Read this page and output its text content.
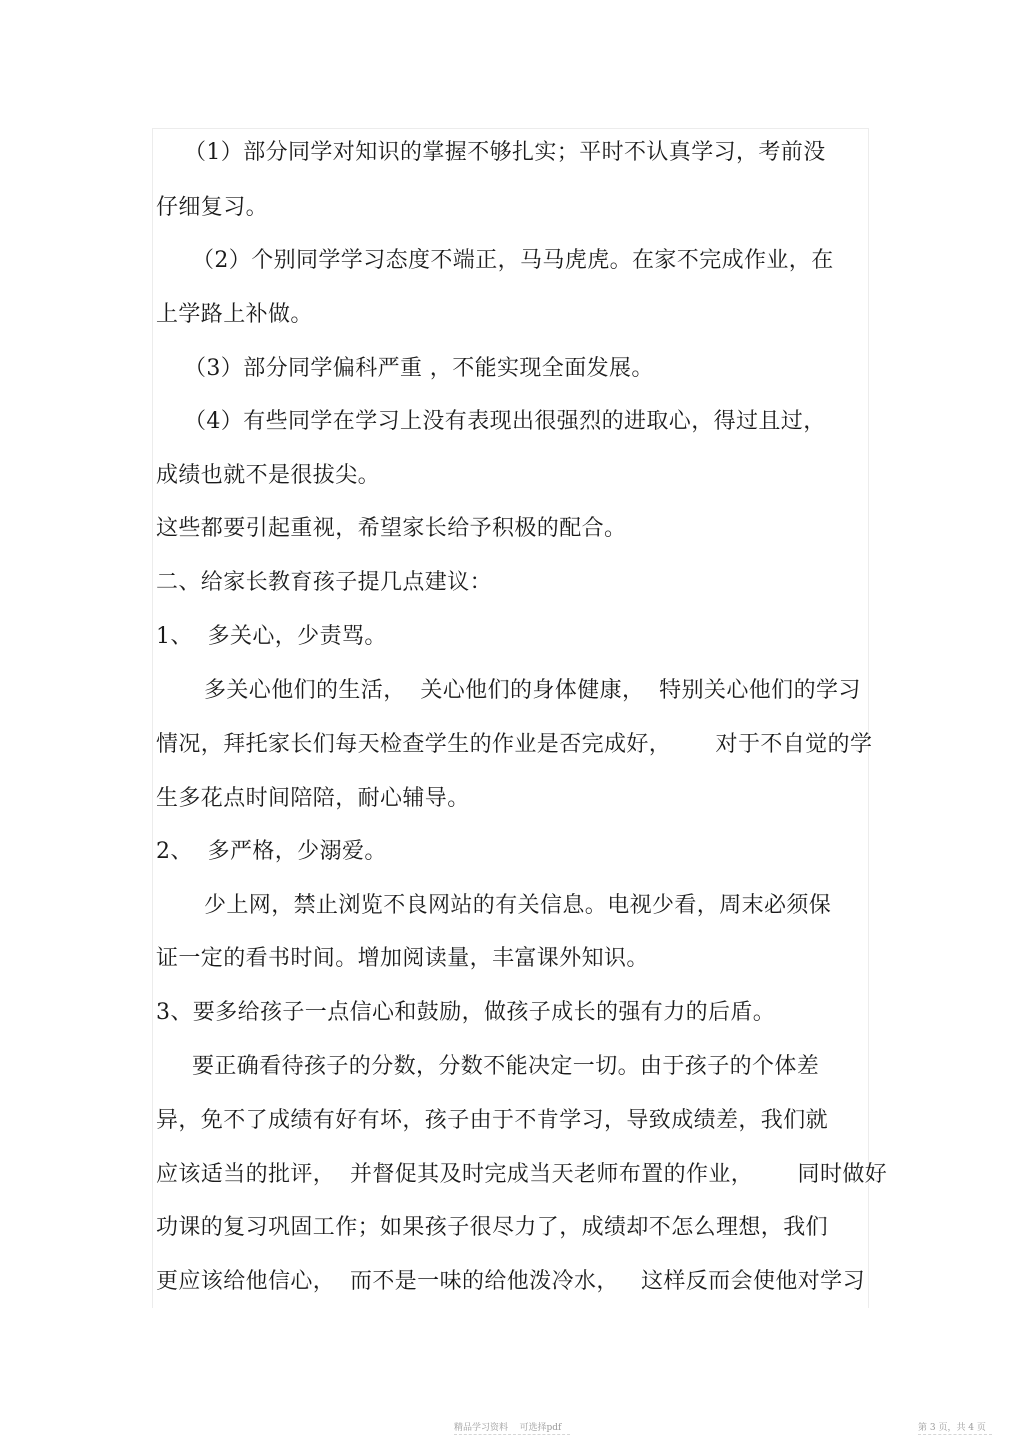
（1）部分同学对知识的掌握不够扎实；平时不认真学习，考前没
仔细复习。
（2）个别同学学习态度不端正，马马虎虎。在家不完成作业，在
上学路上补做。
（3）部分同学偏科严重 ，不能实现全面发展。
（4）有些同学在学习上没有表现出很强烈的进取心，得过且过，
成绩也就不是很拔尖。
这些都要引起重视，希望家长给予积极的配合。
二、给家长教育孩子提几点建议：
1、  多关心，少责骂。
多关心他们的生活，  关心他们的身体健康，  特别关心他们的学习
情况，拜托家长们每天检查学生的作业是否完成好，      对于不自觉的学
生多花点时间陪陪，耐心辅导。
2、  多严格，少溺爱。
少上网，禁止浏览不良网站的有关信息。电视少看，周末必须保
证一定的看书时间。增加阅读量，丰富课外知识。
3、要多给孩子一点信心和鼓励，做孩子成长的强有力的后盾。
要正确看待孩子的分数，分数不能决定一切。由于孩子的个体差
异，免不了成绩有好有坏，孩子由于不肯学习，导致成绩差，我们就
应该适当的批评，  并督促其及时完成当天老师布置的作业，      同时做好
功课的复习巩固工作；如果孩子很尽力了，成绩却不怎么理想，我们
更应该给他信心，  而不是一味的给他泼冷水，   这样反而会使他对学习
精品学习资料    可选择pdf	第 3 页，共 4 页
